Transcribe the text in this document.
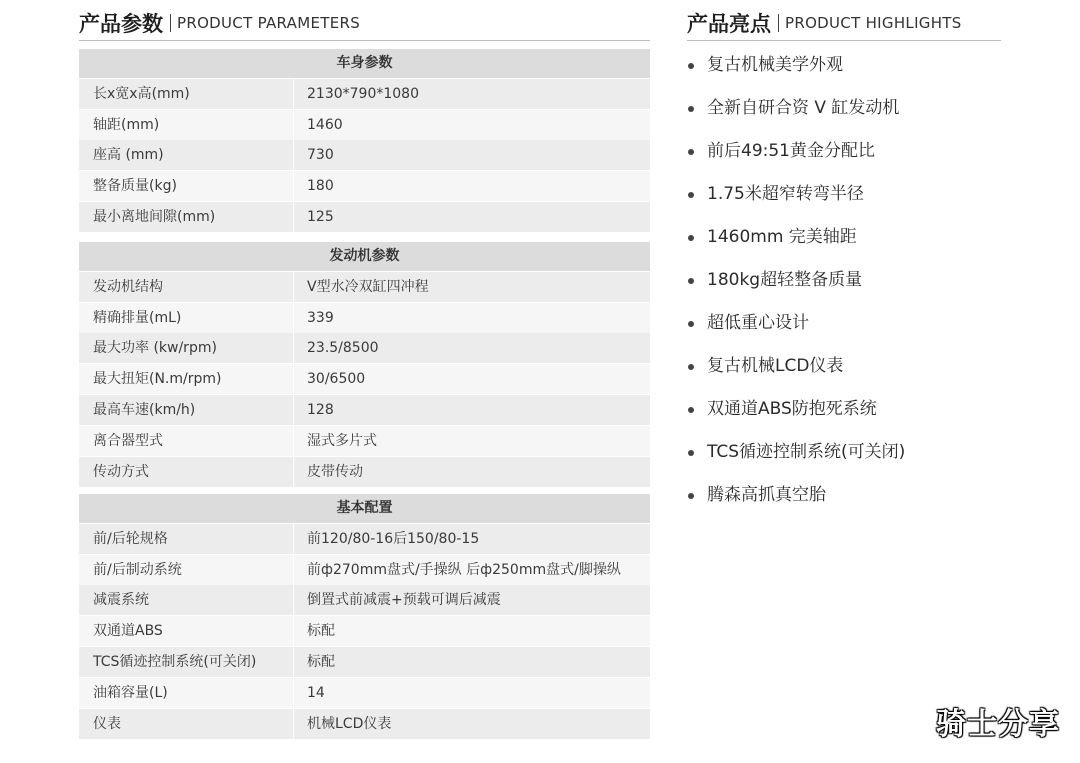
产品参数 PRODUCT PARAMETERS	产品亮点 PRODUCT HIGHLIGHTS
车身参数
长x宽x高(mm)	2130*790*1080
轴距(mm)	1460
座高 (mm)	730
整备质量(kg)	180
最小离地间隙(mm)	125
发动机参数
发动机结构	V型水冷双缸四冲程
精确排量(mL)	339
最大功率 (kw/rpm)	23.5/8500
最大扭矩(N.m/rpm)	30/6500
最高车速(km/h)	128
离合器型式	湿式多片式
传动方式	皮带传动
基本配置
前/后轮规格	前120/80-16后150/80-15
前/后制动系统	前ф270mm盘式/手操纵 后ф250mm盘式/脚操纵
减震系统	倒置式前减震+预载可调后减震
双通道ABS	标配
TCS循迹控制系统(可关闭)	标配
油箱容量(L)	14
仪表	机械LCD仪表
复古机械美学外观
全新自研合资 V 缸发动机
前后49:51黄金分配比
1.75米超窄转弯半径
1460mm 完美轴距
180kg超轻整备质量
超低重心设计
复古机械LCD仪表
双通道ABS防抱死系统
TCS循迹控制系统(可关闭)
腾森高抓真空胎
骑士分享
